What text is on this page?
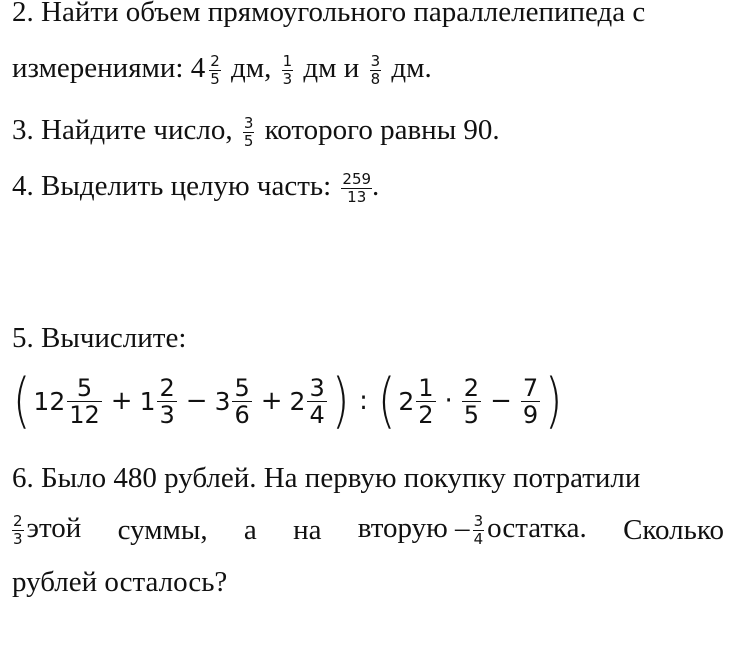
2. Найти объем прямоугольного параллелепипеда с
измерениями: $4 \frac{2}{5}$ дм, $\frac{1}{3}$ дм и $\frac{3}{8}$ дм.
3. Найдите число, $\frac{3}{5}$ которого равны 90.
4. Выделить целую часть: $\frac{259}{13}$ .
5. Вычислите:
( $12 \frac{5}{12} + 1 \frac{2}{3} - 3 \frac{5}{6} + 2 \frac{3}{4}$ ) : ( $2 \frac{1}{2} \cdot \frac{2}{5} - \frac{7}{9}$ )
6. Было 480 рублей. На первую покупку потратили
$\frac{2}{3}$ этой суммы, а на вторую – $\frac{3}{4}$ остатка. Сколько
рублей осталось?
